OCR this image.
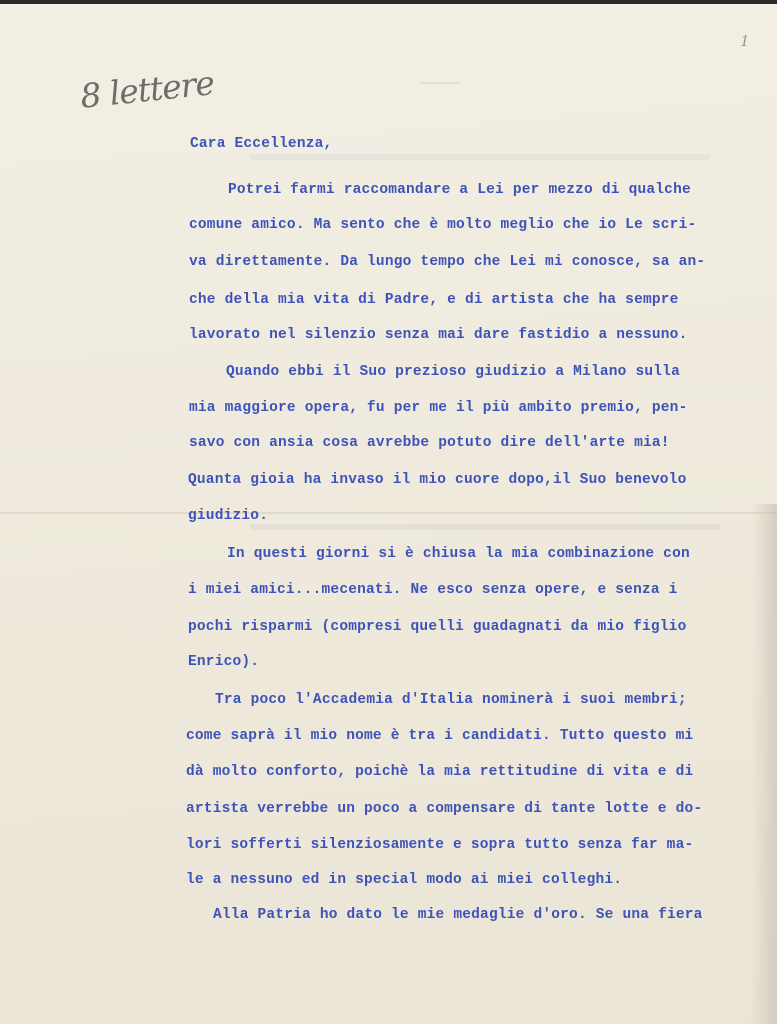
8 lettere
1
Cara Eccellenza,
Potrei farmi raccomandare a Lei per mezzo di qualche
comune amico. Ma sento che è molto meglio che io Le scri-
va direttamente. Da lungo tempo che Lei mi conosce, sa an-
che della mia vita di Padre, e di artista che ha sempre
lavorato nel silenzio senza mai dare fastidio a nessuno.
Quando ebbi il Suo prezioso giudizio a Milano sulla
mia maggiore opera, fu per me il più ambito premio, pen-
savo con ansia cosa avrebbe potuto dire dell'arte mia!
Quanta gioia ha invaso il mio cuore dopo,il Suo benevolo
giudizio.
In questi giorni si è chiusa la mia combinazione con
i miei amici...mecenati. Ne esco senza opere, e senza i
pochi risparmi (compresi quelli guadagnati da mio figlio
Enrico).
Tra poco l'Accademia d'Italia nominerà i suoi membri;
come saprà il mio nome è tra i candidati. Tutto questo mi
dà molto conforto, poichè la mia rettitudine di vita e di
artista verrebbe un poco a compensare di tante lotte e do-
lori sofferti silenziosamente e sopra tutto senza far ma-
le a nessuno ed in special modo ai miei colleghi.
Alla Patria ho dato le mie medaglie d'oro. Se una fiera
